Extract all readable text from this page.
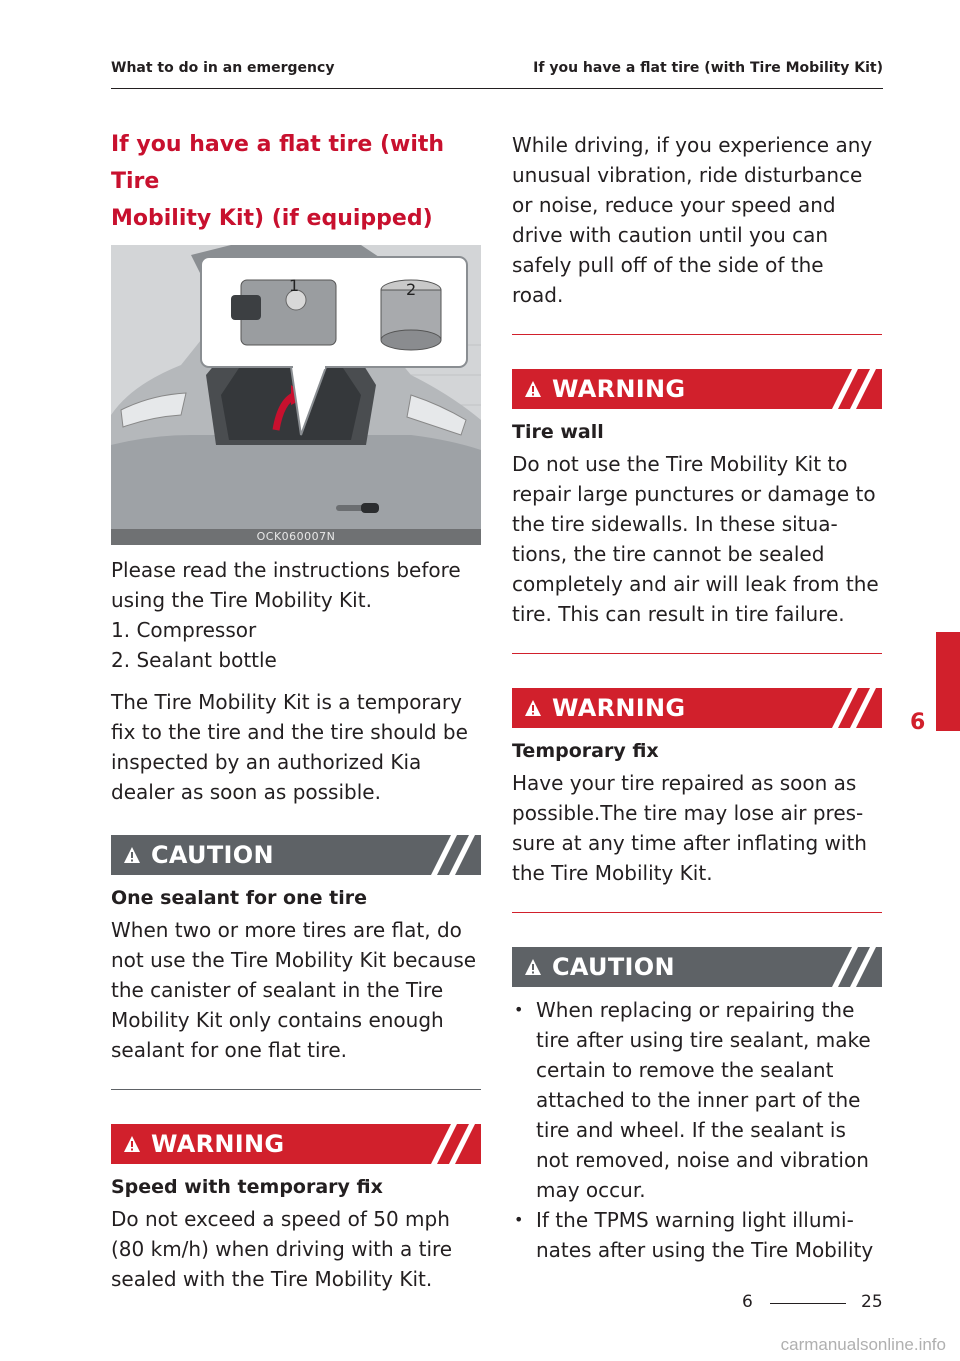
What to do in an emergency	If you have a flat tire (with Tire Mobility Kit)
If you have a flat tire (with Tire
Mobility Kit) (if equipped)
1	2
OCK060007N
Please read the instructions before
using the Tire Mobility Kit.
1. Compressor
2. Sealant bottle
The Tire Mobility Kit is a temporary
fix to the tire and the tire should be
inspected by an authorized Kia
dealer as soon as possible.
CAUTION
One sealant for one tire
When two or more tires are flat, do
not use the Tire Mobility Kit because
the canister of sealant in the Tire
Mobility Kit only contains enough
sealant for one flat tire.
WARNING
Speed with temporary fix
Do not exceed a speed of 50 mph
(80 km/h) when driving with a tire
sealed with the Tire Mobility Kit.
While driving, if you experience any
unusual vibration, ride disturbance
or noise, reduce your speed and
drive with caution until you can
safely pull off of the side of the
road.
WARNING
Tire wall
Do not use the Tire Mobility Kit to
repair large punctures or damage to
the tire sidewalls. In these situa-
tions, the tire cannot be sealed
completely and air will leak from the
tire. This can result in tire failure.
WARNING
Temporary fix
Have your tire repaired as soon as
possible.The tire may lose air pres-
sure at any time after inflating with
the Tire Mobility Kit.
CAUTION
• When replacing or repairing the
tire after using tire sealant, make
certain to remove the sealant
attached to the inner part of the
tire and wheel. If the sealant is
not removed, noise and vibration
may occur.
• If the TPMS warning light illumi-
nates after using the Tire Mobility
6
6	25
carmanualsonline.info
